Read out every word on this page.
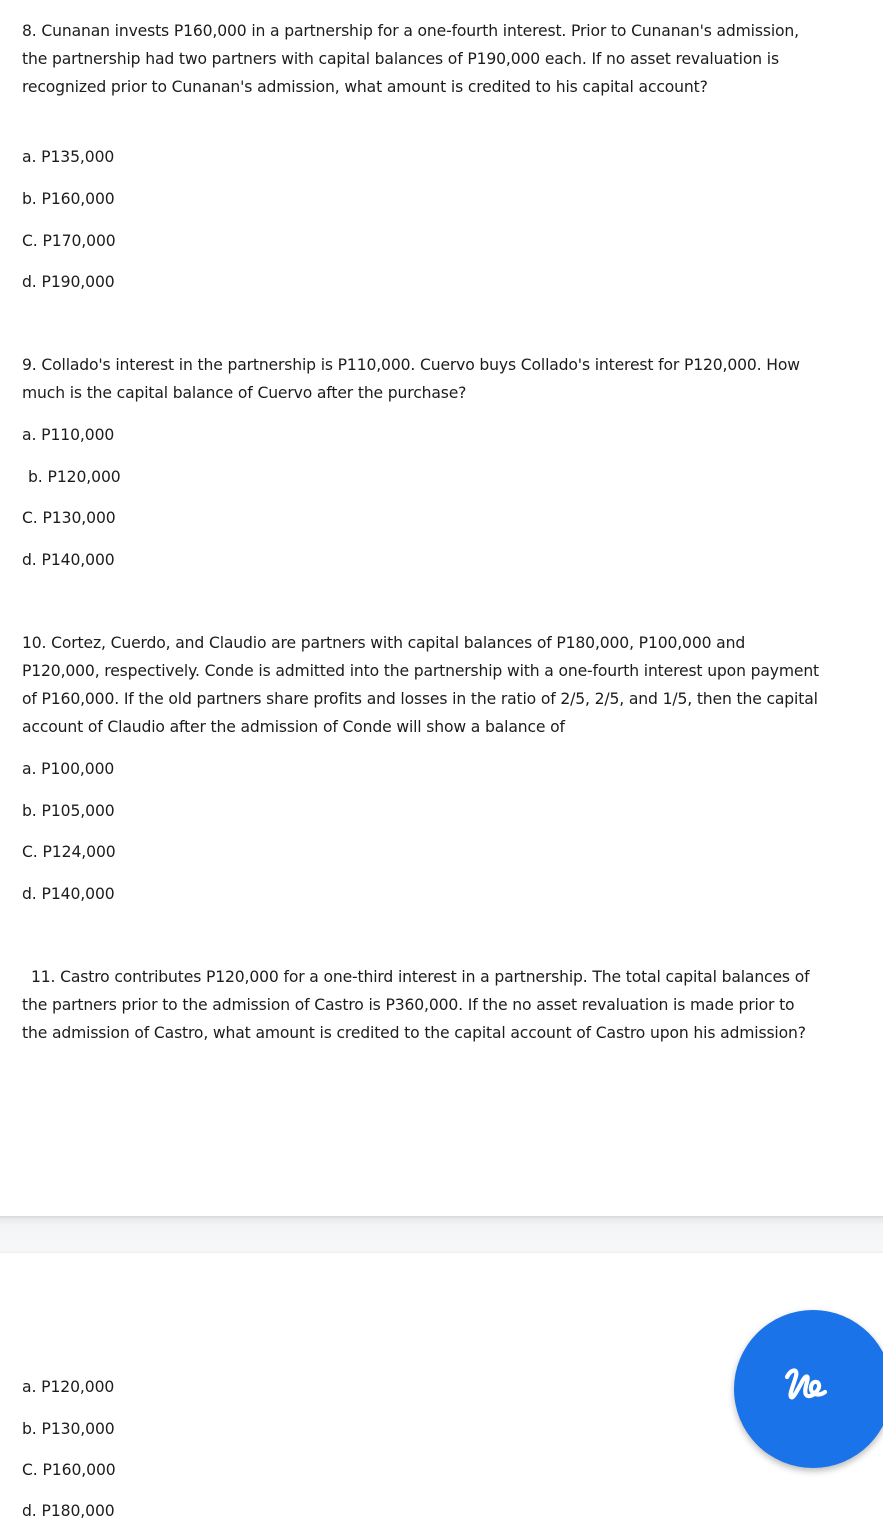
8. Cunanan invests P160,000 in a partnership for a one-fourth interest. Prior to Cunanan's admission, the partnership had two partners with capital balances of P190,000 each. If no asset revaluation is recognized prior to Cunanan's admission, what amount is credited to his capital account?

a. P135,000
b. P160,000
C. P170,000
d. P190,000

9. Collado's interest in the partnership is P110,000. Cuervo buys Collado's interest for P120,000. How much is the capital balance of Cuervo after the purchase?

a. P110,000
b. P120,000
C. P130,000
d. P140,000

10. Cortez, Cuerdo, and Claudio are partners with capital balances of P180,000, P100,000 and P120,000, respectively. Conde is admitted into the partnership with a one-fourth interest upon payment of P160,000. If the old partners share profits and losses in the ratio of 2/5, 2/5, and 1/5, then the capital account of Claudio after the admission of Conde will show a balance of

a. P100,000
b. P105,000
C. P124,000
d. P140,000

11. Castro contributes P120,000 for a one-third interest in a partnership. The total capital balances of the partners prior to the admission of Castro is P360,000. If the no asset revaluation is made prior to the admission of Castro, what amount is credited to the capital account of Castro upon his admission?

a. P120,000
b. P130,000
C. P160,000
d. P180,000
